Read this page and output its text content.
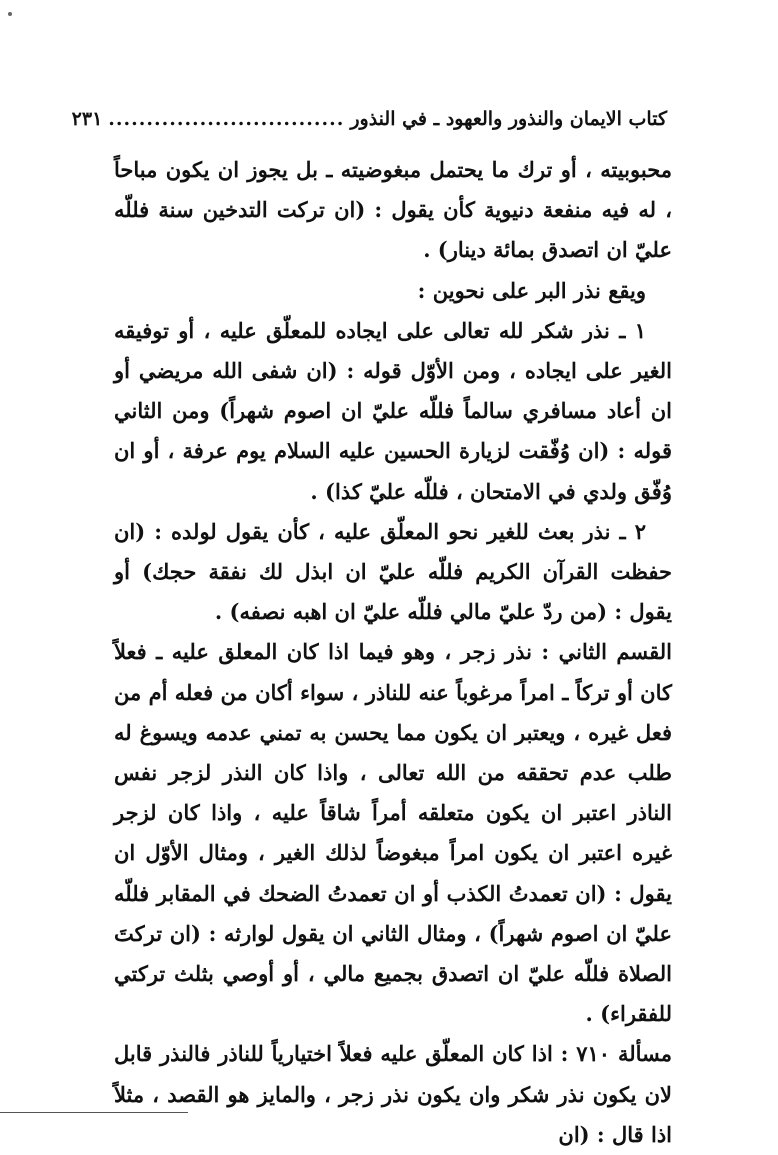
كتاب الايمان والنذور والعهود ـ في النذور
...............................
٢٣١

محبوبيته ، أو ترك ما يحتمل مبغوضيته ـ بل يجوز ان يكون مباحاً ، له فيه منفعة دنيوية كأن يقول : (ان تركت التدخين سنة فللّه عليّ ان اتصدق بمائة دينار) .

ويقع نذر البر على نحوين :

١ ـ نذر شكر لله تعالى على ايجاده للمعلّق عليه ، أو توفيقه الغير على ايجاده ، ومن الأوّل قوله : (ان شفى الله مريضي أو ان أعاد مسافري سالماً فللّه عليّ ان اصوم شهراً) ومن الثاني قوله : (ان وُفّقت لزيارة الحسين عليه السلام يوم عرفة ، أو ان وُفّق ولدي في الامتحان ، فللّه عليّ كذا) .

٢ ـ نذر بعث للغير نحو المعلّق عليه ، كأن يقول لولده : (ان حفظت القرآن الكريم فللّه عليّ ان ابذل لك نفقة حجك) أو يقول : (من ردّ عليّ مالي فللّه عليّ ان اهبه نصفه) .

القسم الثاني : نذر زجر ، وهو فيما اذا كان المعلق عليه ـ فعلاً كان أو تركاً ـ امراً مرغوباً عنه للناذر ، سواء أكان من فعله أم من فعل غيره ، ويعتبر ان يكون مما يحسن به تمني عدمه ويسوغ له طلب عدم تحققه من الله تعالى ، واذا كان النذر لزجر نفس الناذر اعتبر ان يكون متعلقه أمراً شاقاً عليه ، واذا كان لزجر غيره اعتبر ان يكون امراً مبغوضاً لذلك الغير ، ومثال الأوّل ان يقول : (ان تعمدتُ الكذب أو ان تعمدتُ الضحك في المقابر فللّه عليّ ان اصوم شهراً) ، ومثال الثاني ان يقول لوارثه : (ان تركتَ الصلاة فللّه عليّ ان اتصدق بجميع مالي ، أو أوصي بثلث تركتي للفقراء) .

مسألة ٧١٠ : اذا كان المعلّق عليه فعلاً اختيارياً للناذر فالنذر قابل لان يكون نذر شكر وان يكون نذر زجر ، والمايز هو القصد ، مثلاً اذا قال : (ان
